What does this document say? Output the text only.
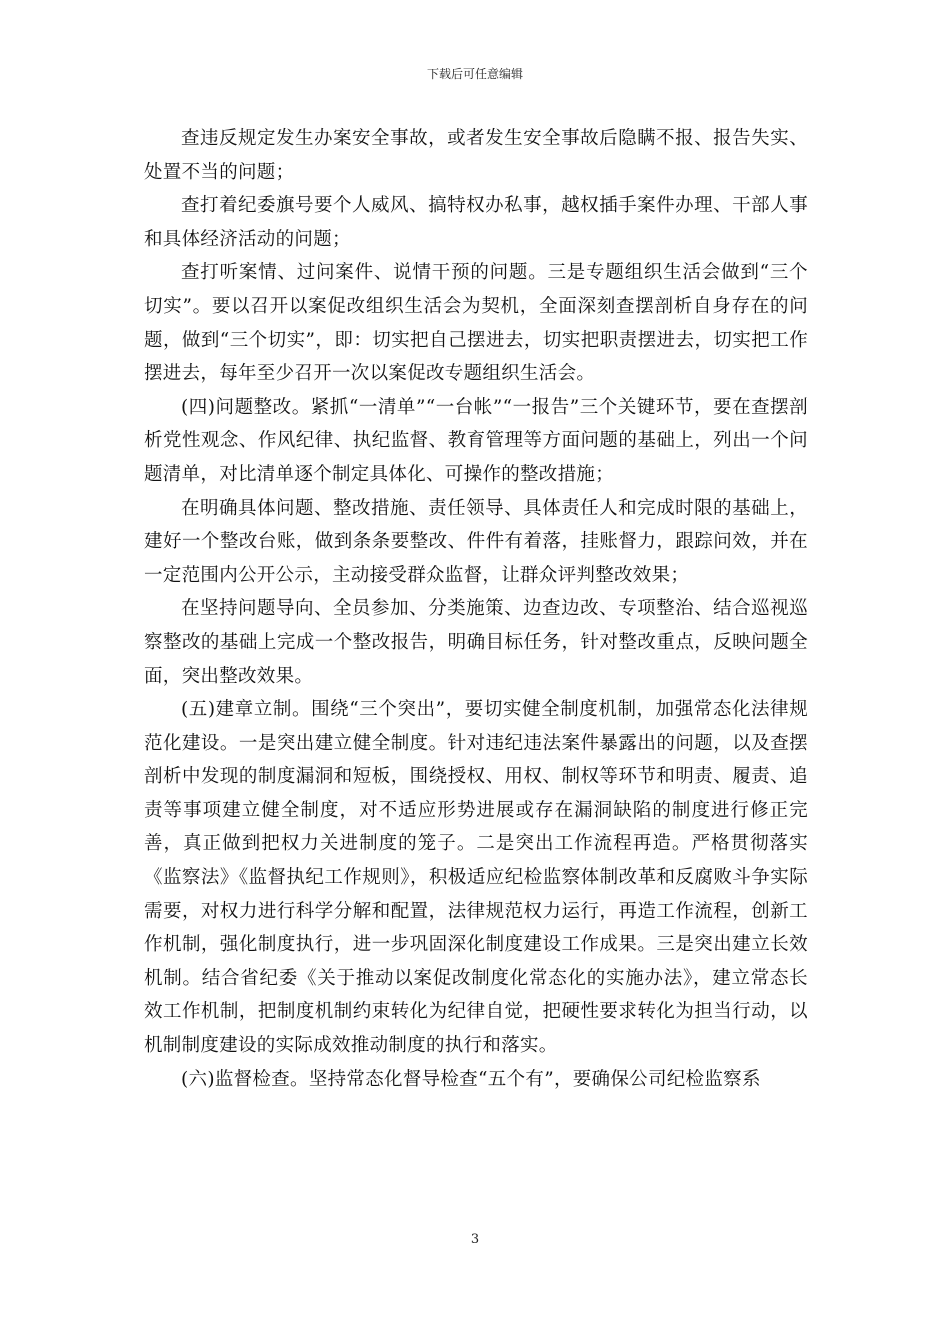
下载后可任意编辑

查违反规定发生办案安全事故，或者发生安全事故后隐瞒不报、报告失实、处置不当的问题；

查打着纪委旗号要个人威风、搞特权办私事，越权插手案件办理、干部人事和具体经济活动的问题；

查打听案情、过问案件、说情干预的问题。三是专题组织生活会做到“三个切实”。要以召开以案促改组织生活会为契机，全面深刻查摆剖析自身存在的问题，做到“三个切实”，即：切实把自己摆进去，切实把职责摆进去，切实把工作摆进去，每年至少召开一次以案促改专题组织生活会。

(四)问题整改。紧抓“一清单”“一台帐”“一报告”三个关键环节，要在查摆剖析党性观念、作风纪律、执纪监督、教育管理等方面问题的基础上，列出一个问题清单，对比清单逐个制定具体化、可操作的整改措施；

在明确具体问题、整改措施、责任领导、具体责任人和完成时限的基础上，建好一个整改台账，做到条条要整改、件件有着落，挂账督力，跟踪问效，并在一定范围内公开公示，主动接受群众监督，让群众评判整改效果；

在坚持问题导向、全员参加、分类施策、边查边改、专项整治、结合巡视巡察整改的基础上完成一个整改报告，明确目标任务，针对整改重点，反映问题全面，突出整改效果。

(五)建章立制。围绕“三个突出”，要切实健全制度机制，加强常态化法律规范化建设。一是突出建立健全制度。针对违纪违法案件暴露出的问题，以及查摆剖析中发现的制度漏洞和短板，围绕授权、用权、制权等环节和明责、履责、追责等事项建立健全制度，对不适应形势进展或存在漏洞缺陷的制度进行修正完善，真正做到把权力关进制度的笼子。二是突出工作流程再造。严格贯彻落实《监察法》《监督执纪工作规则》，积极适应纪检监察体制改革和反腐败斗争实际需要，对权力进行科学分解和配置，法律规范权力运行，再造工作流程，创新工作机制，强化制度执行，进一步巩固深化制度建设工作成果。三是突出建立长效机制。结合省纪委《关于推动以案促改制度化常态化的实施办法》，建立常态长效工作机制，把制度机制约束转化为纪律自觉，把硬性要求转化为担当行动，以机制制度建设的实际成效推动制度的执行和落实。

(六)监督检查。坚持常态化督导检查“五个有”，要确保公司纪检监察系

3
